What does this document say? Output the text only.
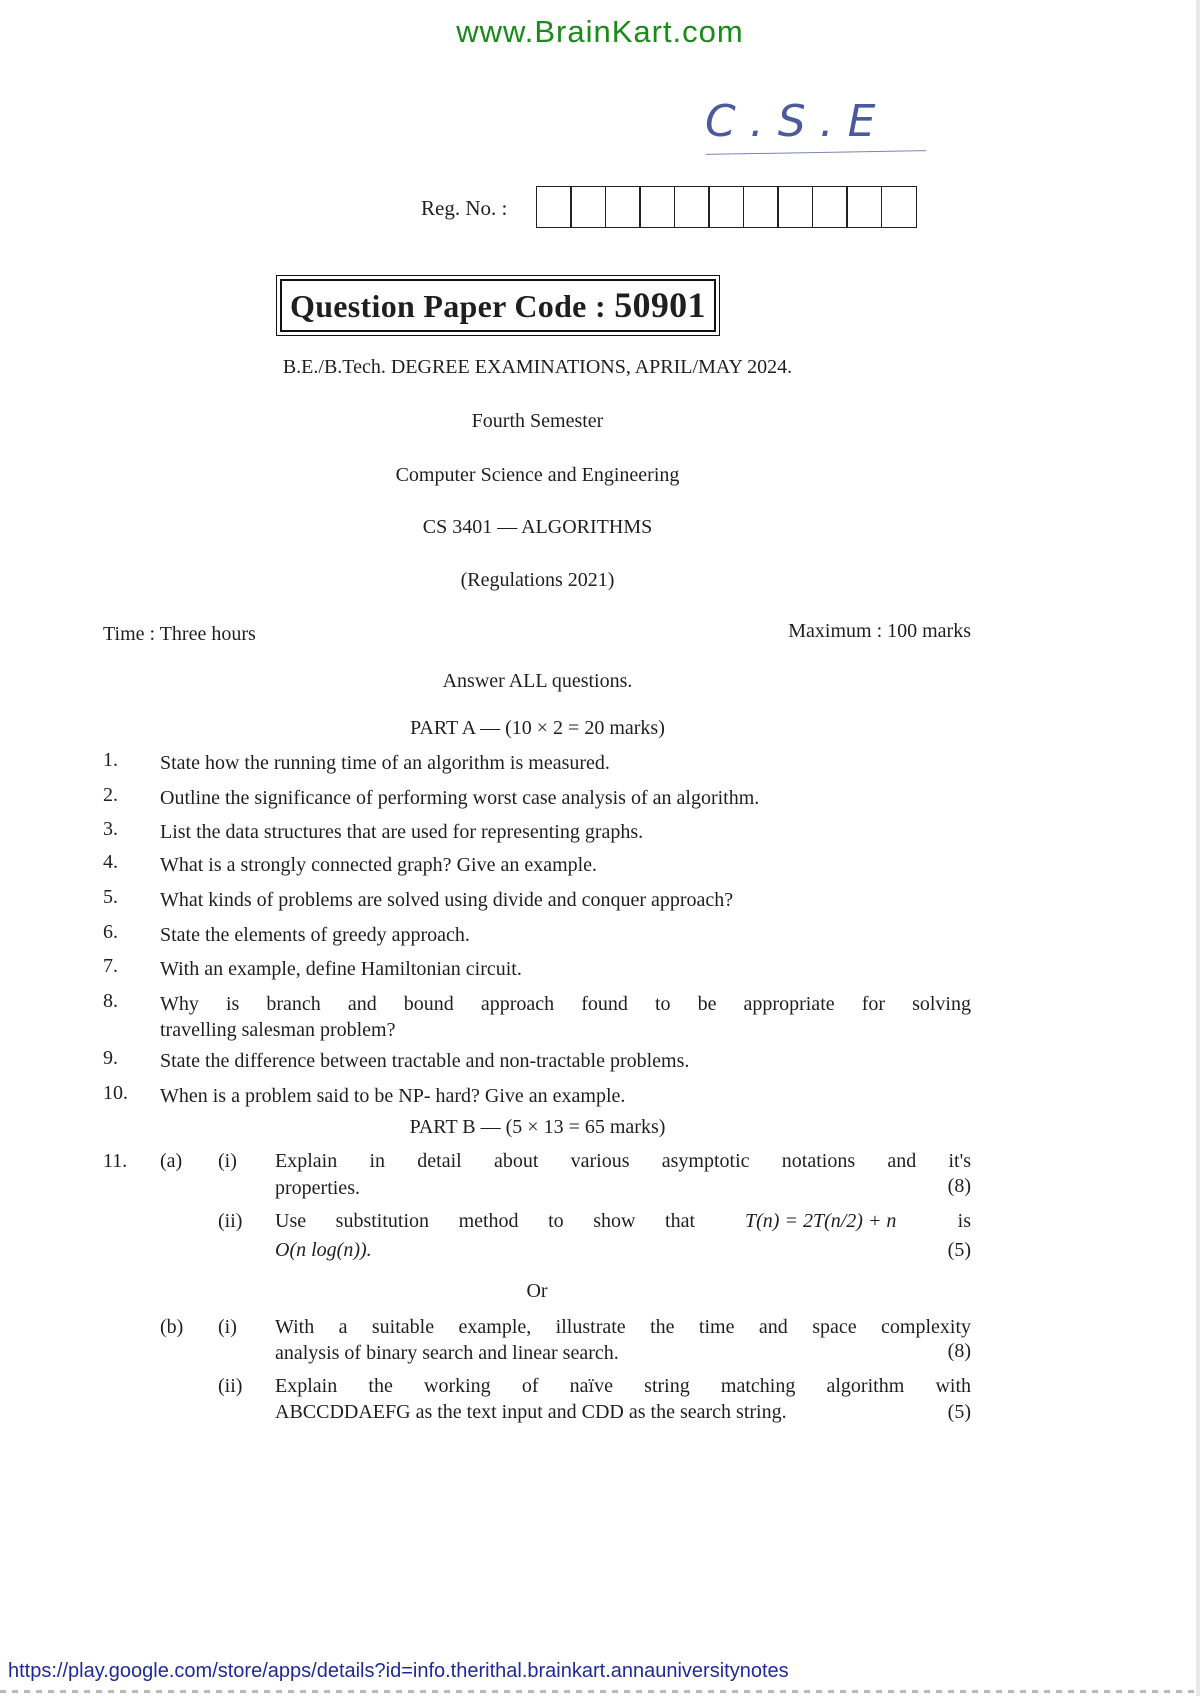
www.BrainKart.com
C.S.E
Reg. No. :
Question Paper Code : 50901
B.E./B.Tech. DEGREE EXAMINATIONS, APRIL/MAY 2024.
Fourth Semester
Computer Science and Engineering
CS 3401 — ALGORITHMS
(Regulations 2021)
Time : Three hours	Maximum : 100 marks
Answer ALL questions.
PART A — (10 × 2 = 20 marks)
1. State how the running time of an algorithm is measured.
2. Outline the significance of performing worst case analysis of an algorithm.
3. List the data structures that are used for representing graphs.
4. What is a strongly connected graph? Give an example.
5. What kinds of problems are solved using divide and conquer approach?
6. State the elements of greedy approach.
7. With an example, define Hamiltonian circuit.
8. Why is branch and bound approach found to be appropriate for solving
travelling salesman problem?
9. State the difference between tractable and non-tractable problems.
10. When is a problem said to be NP- hard? Give an example.
PART B — (5 × 13 = 65 marks)
11. (a) (i) Explain in detail about various asymptotic notations and it's
properties.	(8)
(ii) Use substitution method to show that	T(n) = 2T(n/2) + n	is
O(n log(n)).	(5)
Or
(b) (i) With a suitable example, illustrate the time and space complexity
analysis of binary search and linear search.	(8)
(ii) Explain the working of naïve string matching algorithm with
ABCCDDAEFG as the text input and CDD as the search string.	(5)
https://play.google.com/store/apps/details?id=info.therithal.brainkart.annauniversitynotes
